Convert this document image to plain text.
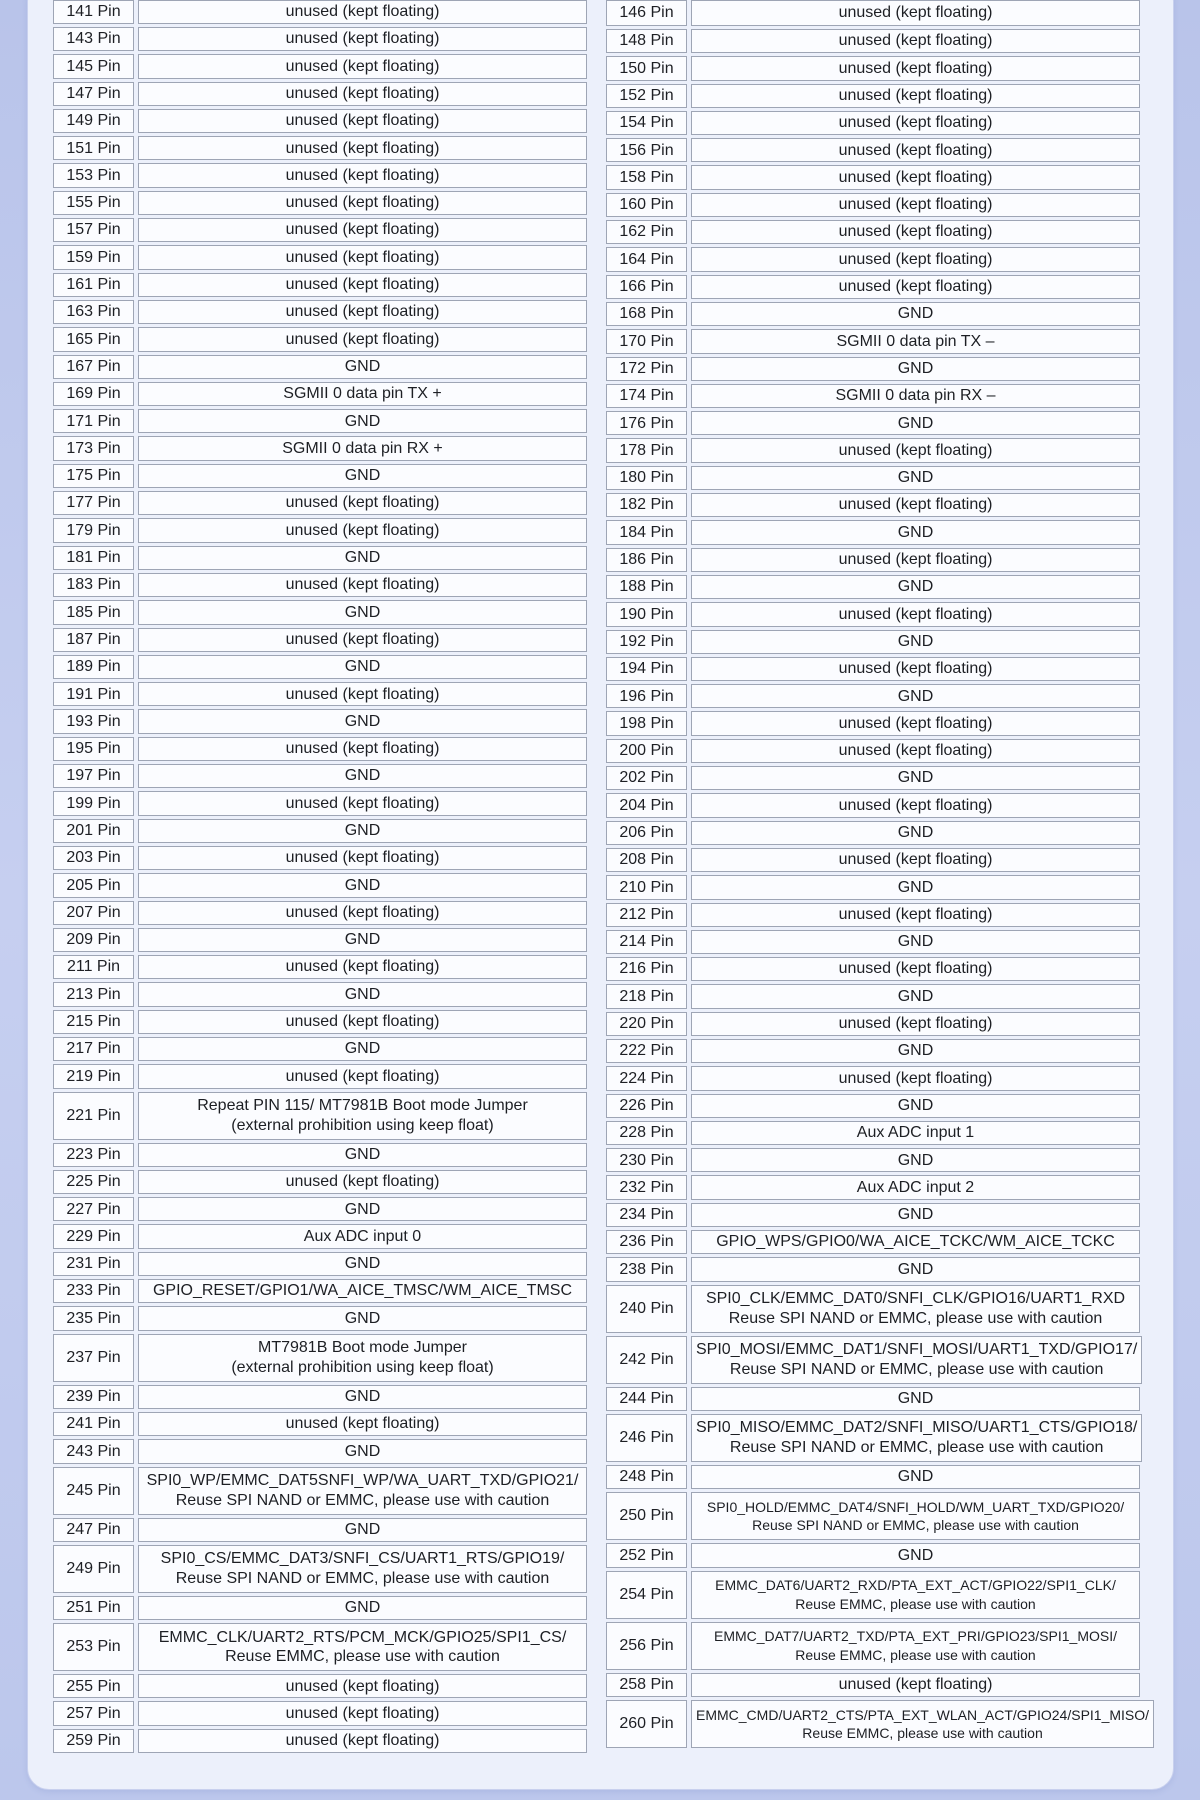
141 Pin	unused (kept floating)
143 Pin	unused (kept floating)
145 Pin	unused (kept floating)
147 Pin	unused (kept floating)
149 Pin	unused (kept floating)
151 Pin	unused (kept floating)
153 Pin	unused (kept floating)
155 Pin	unused (kept floating)
157 Pin	unused (kept floating)
159 Pin	unused (kept floating)
161 Pin	unused (kept floating)
163 Pin	unused (kept floating)
165 Pin	unused (kept floating)
167 Pin	GND
169 Pin	SGMII 0 data pin TX +
171 Pin	GND
173 Pin	SGMII 0 data pin RX +
175 Pin	GND
177 Pin	unused (kept floating)
179 Pin	unused (kept floating)
181 Pin	GND
183 Pin	unused (kept floating)
185 Pin	GND
187 Pin	unused (kept floating)
189 Pin	GND
191 Pin	unused (kept floating)
193 Pin	GND
195 Pin	unused (kept floating)
197 Pin	GND
199 Pin	unused (kept floating)
201 Pin	GND
203 Pin	unused (kept floating)
205 Pin	GND
207 Pin	unused (kept floating)
209 Pin	GND
211 Pin	unused (kept floating)
213 Pin	GND
215 Pin	unused (kept floating)
217 Pin	GND
219 Pin	unused (kept floating)
221 Pin
Repeat PIN 115/ MT7981B Boot mode Jumper
(external prohibition using keep float)
223 Pin	GND
225 Pin	unused (kept floating)
227 Pin	GND
229 Pin	Aux ADC input 0
231 Pin	GND
233 Pin	GPIO_RESET/GPIO1/WA_AICE_TMSC/WM_AICE_TMSC
235 Pin	GND
237 Pin
MT7981B Boot mode Jumper
(external prohibition using keep float)
239 Pin	GND
241 Pin	unused (kept floating)
243 Pin	GND
245 Pin
SPI0_WP/EMMC_DAT5SNFI_WP/WA_UART_TXD/GPIO21/
Reuse SPI NAND or EMMC, please use with caution
247 Pin	GND
249 Pin
SPI0_CS/EMMC_DAT3/SNFI_CS/UART1_RTS/GPIO19/
Reuse SPI NAND or EMMC, please use with caution
251 Pin	GND
253 Pin
EMMC_CLK/UART2_RTS/PCM_MCK/GPIO25/SPI1_CS/
Reuse EMMC, please use with caution
255 Pin	unused (kept floating)
257 Pin	unused (kept floating)
259 Pin	unused (kept floating)
146 Pin	unused (kept floating)
148 Pin	unused (kept floating)
150 Pin	unused (kept floating)
152 Pin	unused (kept floating)
154 Pin	unused (kept floating)
156 Pin	unused (kept floating)
158 Pin	unused (kept floating)
160 Pin	unused (kept floating)
162 Pin	unused (kept floating)
164 Pin	unused (kept floating)
166 Pin	unused (kept floating)
168 Pin	GND
170 Pin	SGMII 0 data pin TX –
172 Pin	GND
174 Pin	SGMII 0 data pin RX –
176 Pin	GND
178 Pin	unused (kept floating)
180 Pin	GND
182 Pin	unused (kept floating)
184 Pin	GND
186 Pin	unused (kept floating)
188 Pin	GND
190 Pin	unused (kept floating)
192 Pin	GND
194 Pin	unused (kept floating)
196 Pin	GND
198 Pin	unused (kept floating)
200 Pin	unused (kept floating)
202 Pin	GND
204 Pin	unused (kept floating)
206 Pin	GND
208 Pin	unused (kept floating)
210 Pin	GND
212 Pin	unused (kept floating)
214 Pin	GND
216 Pin	unused (kept floating)
218 Pin	GND
220 Pin	unused (kept floating)
222 Pin	GND
224 Pin	unused (kept floating)
226 Pin	GND
228 Pin	Aux ADC input 1
230 Pin	GND
232 Pin	Aux ADC input 2
234 Pin	GND
236 Pin	GPIO_WPS/GPIO0/WA_AICE_TCKC/WM_AICE_TCKC
238 Pin	GND
240 Pin
SPI0_CLK/EMMC_DAT0/SNFI_CLK/GPIO16/UART1_RXD
Reuse SPI NAND or EMMC, please use with caution
242 Pin
SPI0_MOSI/EMMC_DAT1/SNFI_MOSI/UART1_TXD/GPIO17/
Reuse SPI NAND or EMMC, please use with caution
244 Pin	GND
246 Pin
SPI0_MISO/EMMC_DAT2/SNFI_MISO/UART1_CTS/GPIO18/
Reuse SPI NAND or EMMC, please use with caution
248 Pin	GND
250 Pin
SPI0_HOLD/EMMC_DAT4/SNFI_HOLD/WM_UART_TXD/GPIO20/
Reuse SPI NAND or EMMC, please use with caution
252 Pin	GND
254 Pin
EMMC_DAT6/UART2_RXD/PTA_EXT_ACT/GPIO22/SPI1_CLK/
Reuse EMMC, please use with caution
256 Pin
EMMC_DAT7/UART2_TXD/PTA_EXT_PRI/GPIO23/SPI1_MOSI/
Reuse EMMC, please use with caution
258 Pin	unused (kept floating)
260 Pin
EMMC_CMD/UART2_CTS/PTA_EXT_WLAN_ACT/GPIO24/SPI1_MISO/
Reuse EMMC, please use with caution
